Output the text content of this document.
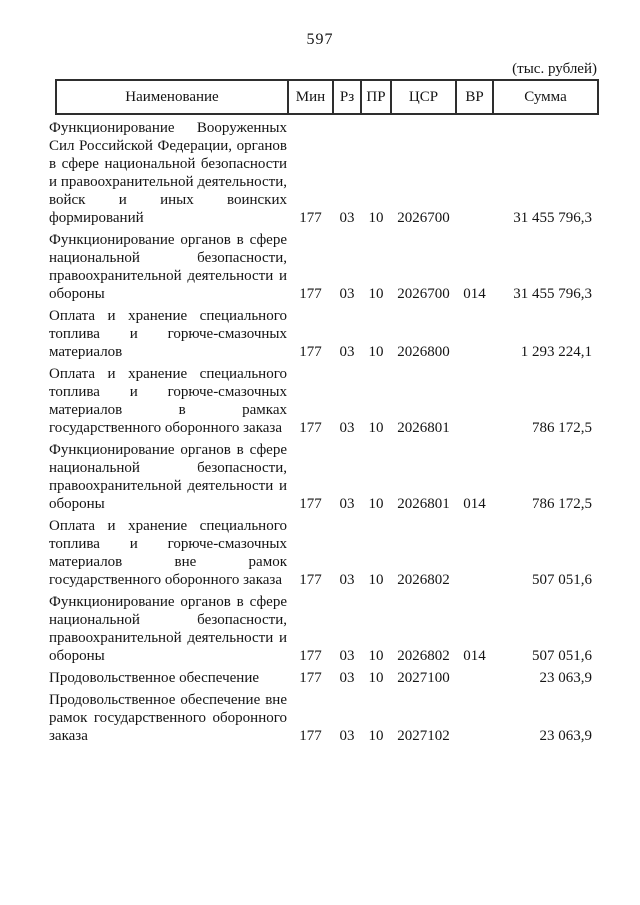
597
(тыс. рублей)
Наименование	Мин	Рз	ПР	ЦСР	ВР	Сумма

Функционирование Вооруженных Сил Российской Федерации, органов в сфере национальной безопасности и правоохранительной деятельности, войск и иных воинских формирований	177	03	10	2026700		31 455 796,3

Функционирование органов в сфере национальной безопасности, правоохранительной деятельности и обороны	177	03	10	2026700	014	31 455 796,3

Оплата и хранение специального топлива и горюче-смазочных материалов	177	03	10	2026800		1 293 224,1

Оплата и хранение специального топлива и горюче-смазочных материалов в рамках государственного оборонного заказа	177	03	10	2026801		786 172,5

Функционирование органов в сфере национальной безопасности, правоохранительной деятельности и обороны	177	03	10	2026801	014	786 172,5

Оплата и хранение специального топлива и горюче-смазочных материалов вне рамок государственного оборонного заказа	177	03	10	2026802		507 051,6

Функционирование органов в сфере национальной безопасности, правоохранительной деятельности и обороны	177	03	10	2026802	014	507 051,6

Продовольственное обеспечение	177	03	10	2027100		23 063,9

Продовольственное обеспечение вне рамок государственного оборонного заказа	177	03	10	2027102		23 063,9
